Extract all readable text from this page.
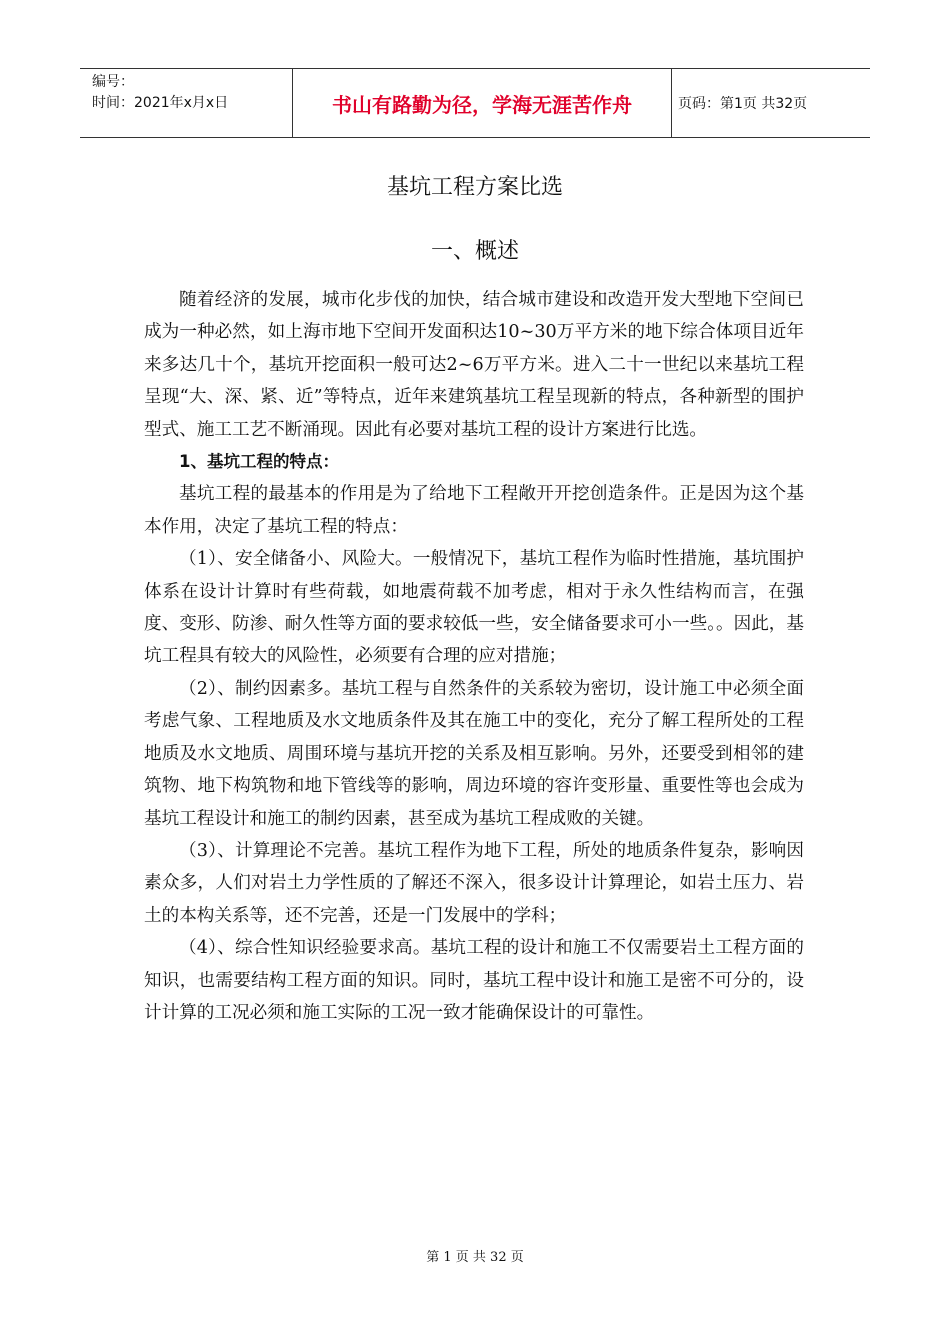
编号：
时间：2021年x月x日	书山有路勤为径，学海无涯苦作舟	页码：第1页 共32页
基坑工程方案比选
一、概述

随着经济的发展，城市化步伐的加快，结合城市建设和改造开发大型地下空间已成为一种必然，如上海市地下空间开发面积达10~30万平方米的地下综合体项目近年来多达几十个，基坑开挖面积一般可达2~6万平方米。进入二十一世纪以来基坑工程呈现“大、深、紧、近”等特点，近年来建筑基坑工程呈现新的特点，各种新型的围护型式、施工工艺不断涌现。因此有必要对基坑工程的设计方案进行比选。

1、基坑工程的特点：

基坑工程的最基本的作用是为了给地下工程敞开开挖创造条件。正是因为这个基本作用，决定了基坑工程的特点：

（1）、安全储备小、风险大。一般情况下，基坑工程作为临时性措施，基坑围护体系在设计计算时有些荷载，如地震荷载不加考虑，相对于永久性结构而言，在强度、变形、防渗、耐久性等方面的要求较低一些，安全储备要求可小一些。。因此，基坑工程具有较大的风险性，必须要有合理的应对措施；

（2）、制约因素多。基坑工程与自然条件的关系较为密切，设计施工中必须全面考虑气象、工程地质及水文地质条件及其在施工中的变化，充分了解工程所处的工程地质及水文地质、周围环境与基坑开挖的关系及相互影响。另外，还要受到相邻的建筑物、地下构筑物和地下管线等的影响，周边环境的容许变形量、重要性等也会成为基坑工程设计和施工的制约因素，甚至成为基坑工程成败的关键。

（3）、计算理论不完善。基坑工程作为地下工程，所处的地质条件复杂，影响因素众多，人们对岩土力学性质的了解还不深入，很多设计计算理论，如岩土压力、岩土的本构关系等，还不完善，还是一门发展中的学科；

（4）、综合性知识经验要求高。基坑工程的设计和施工不仅需要岩土工程方面的知识，也需要结构工程方面的知识。同时，基坑工程中设计和施工是密不可分的，设计计算的工况必须和施工实际的工况一致才能确保设计的可靠性。

第 1 页 共 32 页
